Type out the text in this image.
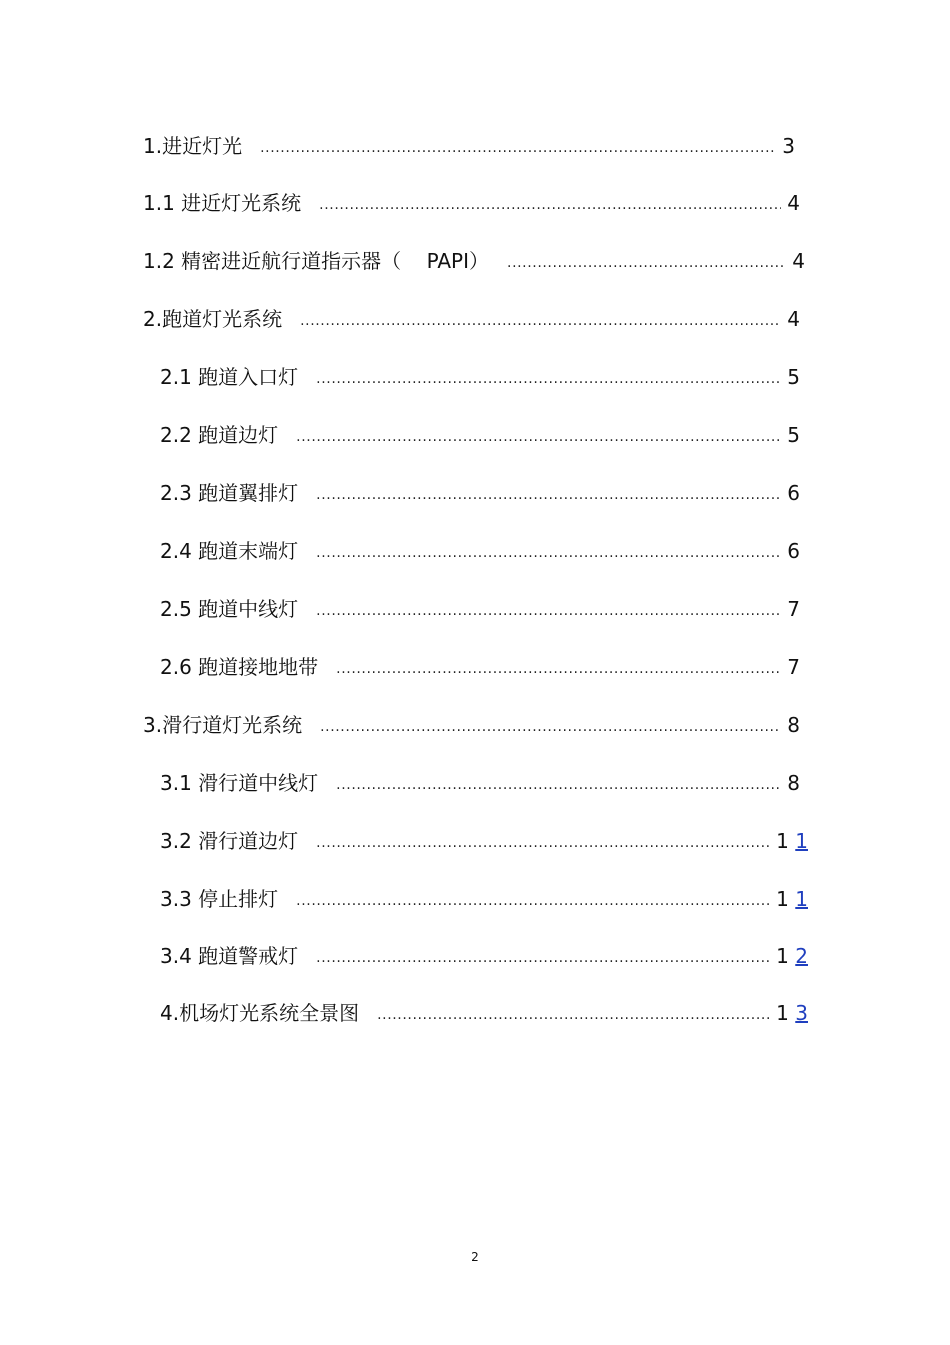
1.进近灯光 .....	3
1.1 进近灯光系统 .....	4
1.2 精密进近航行道指示器（    PAPI） .....	4
2.跑道灯光系统 .....	4
2.1 跑道入口灯 .....	5
2.2 跑道边灯 .....	5
2.3 跑道翼排灯 .....	6
2.4 跑道末端灯 .....	6
2.5 跑道中线灯 .....	7
2.6 跑道接地地带 .....	7
3.滑行道灯光系统 .....	8
3.1 滑行道中线灯 .....	8
3.2 滑行道边灯 .....	1 1
3.3 停止排灯 .....	1 1
3.4 跑道警戒灯 .....	1 2
4.机场灯光系统全景图 .....	1 3
2
